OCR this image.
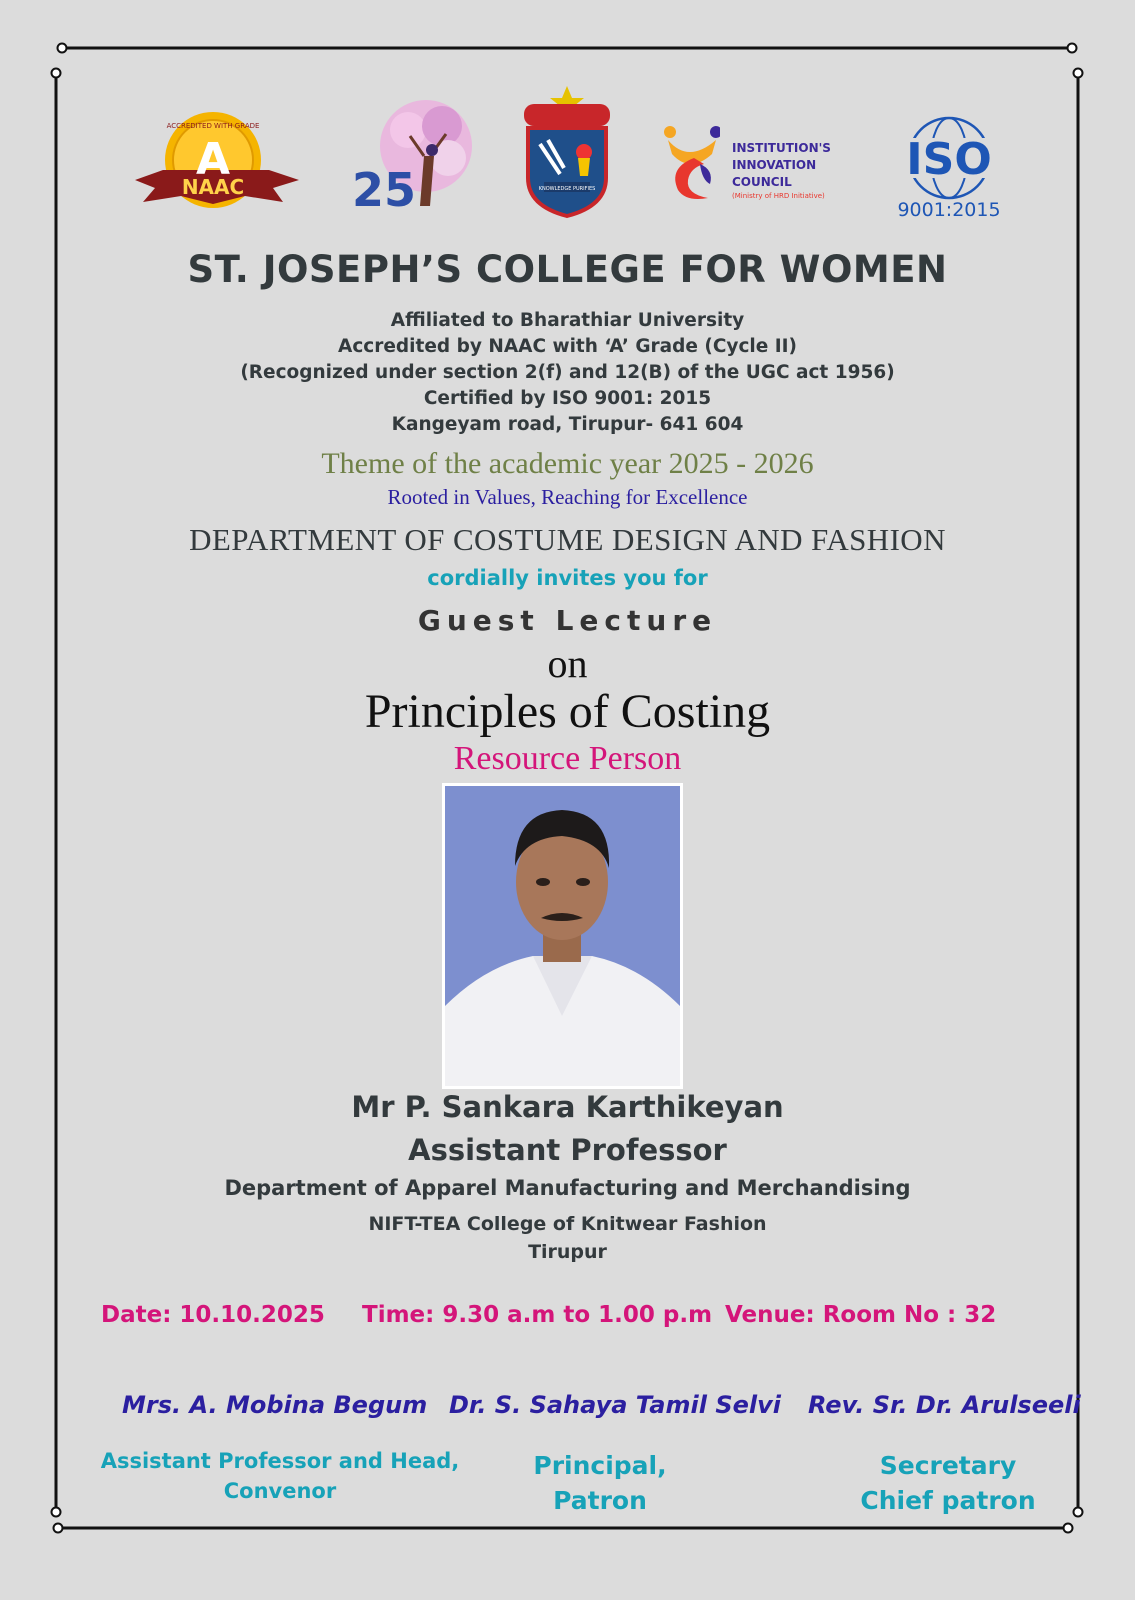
A
NAAC
ACCREDITED WITH GRADE
25	KNOWLEDGE PURIFIES
INSTITUTION'S
INNOVATION
COUNCIL
(Ministry of HRD Initiative)
ISO
9001:2015
ST. JOSEPH’S COLLEGE FOR WOMEN
Affiliated to Bharathiar University
Accredited by NAAC with ‘A’ Grade (Cycle II)
(Recognized under section 2(f) and 12(B) of the UGC act 1956)
Certified by ISO 9001: 2015
Kangeyam road, Tirupur- 641 604
Theme of the academic year 2025 - 2026
Rooted in Values, Reaching for Excellence
DEPARTMENT OF COSTUME DESIGN AND FASHION
cordially invites you for
Guest Lecture
on
Principles of Costing
Resource Person
Mr P. Sankara Karthikeyan
Assistant Professor
Department of Apparel Manufacturing and Merchandising
NIFT-TEA College of Knitwear Fashion
Tirupur
Date: 10.10.2025 Time: 9.30 a.m to 1.00 p.m Venue: Room No : 32
Mrs. A. Mobina Begum Dr. S. Sahaya Tamil Selvi Rev. Sr. Dr. Arulseeli
Assistant Professor and Head,
Convenor
Principal,
Patron
Secretary
Chief patron
